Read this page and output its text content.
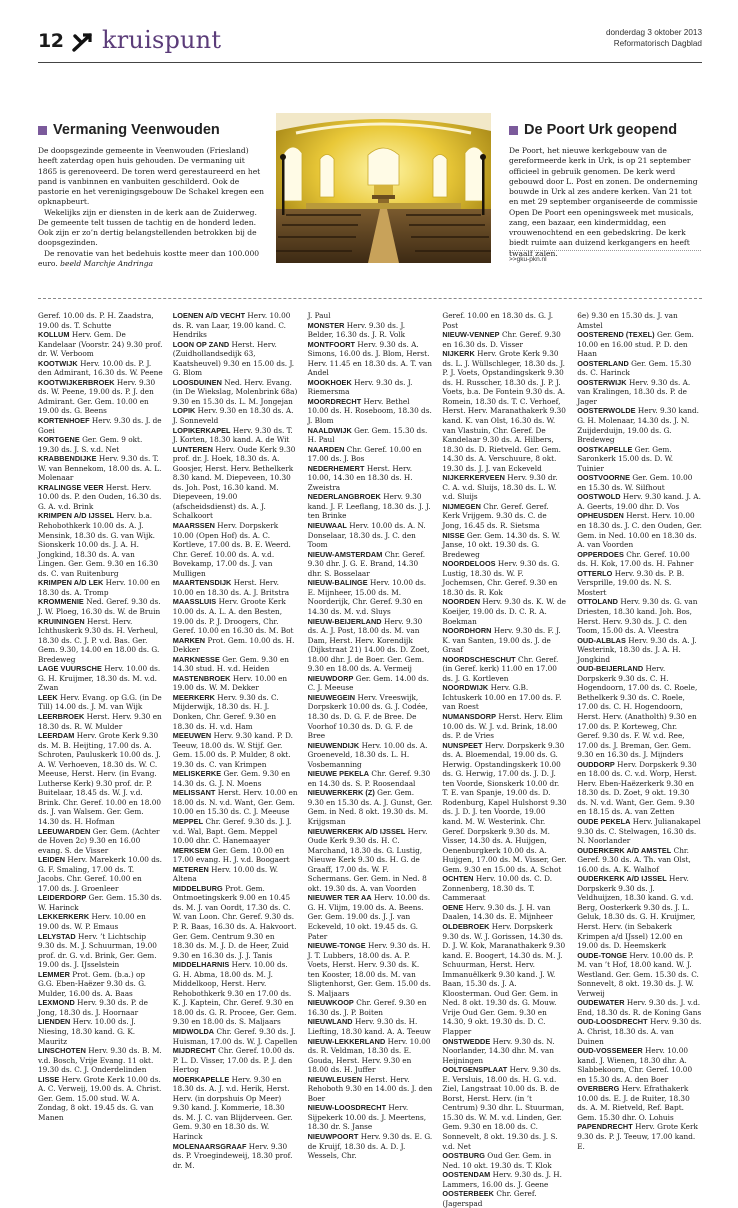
12 kruispunt	donderdag 3 oktober 2013
Reformatorisch Dagblad
Vermaning Veenwouden

De doopsgezinde gemeente in Veenwouden (Friesland) heeft zaterdag open huis gehouden. De vermaning uit 1865 is gerenoveerd. De toren werd gerestaureerd en het pand is vanbinnen en vanbuiten geschilderd. Ook de pastorie en het verenigingsgebouw De Schakel kregen een opknapbeurt.

Wekelijks zijn er diensten in de kerk aan de Zuiderweg. De gemeente telt tussen de tachtig en de honderd leden. Ook zijn er zo’n dertig belangstellenden betrokken bij de doopsgezinden.

De renovatie van het bedehuis kostte meer dan 100.000 euro. beeld Marchje Andringa

De Poort Urk geopend

De Poort, het nieuwe kerkgebouw van de gereformeerde kerk in Urk, is op 21 september officieel in gebruik genomen. De kerk werd gebouwd door L. Post en zonen. De onderneming bouwde in Urk al zes andere kerken. Van 21 tot en met 29 september organiseerde de commissie Open De Poort een openingsweek met musicals, zang, een bazaar, een kindermiddag, een vrouwenochtend en een gebedskring. De kerk biedt ruimte aan duizend kerkgangers en heeft twaalf zalen.

>>gku-pkn.nl
Geref. 10.00 ds. P. H. Zaadstra, 19.00 ds. T. Schutte
KOLLUM Herv. Gem. De Kandelaar (Voorstr. 24) 9.30 prof. dr. W. Verboom
KOOTWIJK Herv. 10.00 ds. P. J. den Admirant, 16.30 ds. W. Peene
KOOTWIJKERBROEK Herv. 9.30 ds. W. Peene, 19.00 ds. P. J. den Admirant. Ger. Gem. 10.00 en 19.00 ds. G. Beens
KORTENHOEF Herv. 9.30 ds. J. de Goei
KORTGENE Ger. Gem. 9 okt. 19.30 ds. J. S. v.d. Net
KRABBENDIJKE Herv. 9.30 ds. T. W. van Bennekom, 18.00 ds. A. L. Molenaar
KRALINGSE VEER Herst. Herv. 10.00 ds. P. den Ouden, 16.30 ds. G. A. v.d. Brink
KRIMPEN A/D IJSSEL Herv. b.a. Rehobothkerk 10.00 ds. A. J. Mensink, 18.30 ds. G. van Wijk. Sionskerk 10.00 ds. J. A. H. Jongkind, 18.30 ds. A. van Lingen. Ger. Gem. 9.30 en 16.30 ds. C. van Ruitenburg
KRIMPEN A/D LEK Herv. 10.00 en 18.30 ds. A. Tromp
KROMMENIE Ned. Geref. 9.30 ds. J. W. Ploeg, 16.30 ds. W. de Bruin
KRUININGEN Herst. Herv. Ichthuskerk 9.30 ds. H. Verheul, 18.30 ds. C. J. P. v.d. Bas. Ger. Gem. 9.30, 14.00 en 18.00 ds. G. Bredeweg
LAGE VUURSCHE Herv. 10.00 ds. G. H. Kruijmer, 18.30 ds. M. v.d. Zwan
LEEK Herv. Evang. op G.G. (in De Till) 14.00 ds. J. M. van Wijk
LEERBROEK Herst. Herv. 9.30 en 18.30 ds. R. W. Mulder
LEERDAM Herv. Grote Kerk 9.30 ds. M. B. Heijting, 17.00 ds. A. Schroten, Pauluskerk 10.00 ds. J. A. W. Verhoeven, 18.30 ds. W. C. Meeuse, Herst. Herv. (in Evang. Lutherse Kerk) 9.30 prof. dr. P. Buitelaar, 18.45 ds. W. J. v.d. Brink. Chr. Geref. 10.00 en 18.00 ds. J. van Walsem. Ger. Gem. 14.30 ds. H. Hofman
LEEUWARDEN Ger. Gem. (Achter de Hoven 2c) 9.30 en 16.00 evang. S. de Visser
LEIDEN Herv. Marekerk 10.00 ds. G. F. Smaling, 17.00 ds. T. Jacobs. Chr. Geref. 10.00 en 17.00 ds. J. Groenleer
LEIDERDORP Ger. Gem. 15.30 ds. W. Harinck
LEKKERKERK Herv. 10.00 en 19.00 ds. W. P. Emaus
LELYSTAD Herv. ’t Lichtschip 9.30 ds. M. J. Schuurman, 19.00 prof. dr. G. v.d. Brink, Ger. Gem. 19.00 ds. J. IJsselstein
LEMMER Prot. Gem. (b.a.) op G.G. Eben-Haëzer 9.30 ds. G. Mulder, 16.00 ds. A. Baas
LEXMOND Herv. 9.30 ds. P. de Jong, 18.30 ds. J. Hoornaar
LIENDEN Herv. 10.00 ds. J. Niesing, 18.30 kand. G. K. Mauritz
LINSCHOTEN Herv. 9.30 ds. B. M. v.d. Bosch, Vrije Evang. 11 okt. 19.30 ds. C. J. Onderdelinden
LISSE Herv. Grote Kerk 10.00 ds. A. C. Verweij, 19.00 ds. A. Christ. Ger. Gem. 15.00 stud. W. A. Zondag, 8 okt. 19.45 ds. G. van Manen
LOENEN A/D VECHT Herv. 10.00 ds. R. van Laar, 19.00 kand. C. Hendriks
LOON OP ZAND Herst. Herv. (Zuidhollandsedijk 63, Kaatsheuvel) 9.30 en 15.00 ds. J. G. Blom
LOOSDUINEN Ned. Herv. Evang. (in De Wiekslag, Molenbrink 68a) 9.30 en 15.30 ds. L. M. Jongejan
LOPIK Herv. 9.30 en 18.30 ds. A. J. Sonneveld
LOPIKERKAPEL Herv. 9.30 ds. T. J. Korten, 18.30 kand. A. de Wit
LUNTEREN Herv. Oude Kerk 9.30 prof. dr. J. Hoek, 18.30 ds. A. Goosjer, Herst. Herv. Bethelkerk 8.30 kand. M. Diepeveen, 10.30 ds. Joh. Post, 16.30 kand. M. Diepeveen, 19.00 (afscheidsdienst) ds. A. J. Schalkoort
MAARSSEN Herv. Dorpskerk 10.00 (Open Hof) ds. A. C. Kortleve, 17.00 ds. B. E. Weerd. Chr. Geref. 10.00 ds. A. v.d. Bovekamp, 17.00 ds. J. van Mulligen
MAARTENSDIJK Herst. Herv. 10.00 en 18.30 ds. A. J. Britstra
MAASSLUIS Herv. Groote Kerk 10.00 ds. A. L. A. den Besten, 19.00 ds. P. J. Droogers, Chr. Geref. 10.00 en 16.30 ds. M. Bot
MARKEN Prot. Gem. 10.00 ds. H. Dekker
MARKNESSE Ger. Gem. 9.30 en 14.30 stud. H. v.d. Heiden
MASTENBROEK Herv. 10.00 en 19.00 ds. W. M. Dekker
MEERKERK Herv. 9.30 ds. C. Mijderwijk, 18.30 ds. H. J. Donken, Chr. Geref. 9.30 en 18.30 ds. H. v.d. Ham
MEEUWEN Herv. 9.30 kand. P. D. Teeuw, 18.00 ds. W. Stijf. Ger. Gem. 15.00 ds. P. Mulder, 8 okt. 19.30 ds. C. van Krimpen
MELISKERKE Ger. Gem. 9.30 en 14.30 ds. G. J. N. Moens
MELISSANT Herst. Herv. 10.00 en 18.00 ds. N. v.d. Want, Ger. Gem. 10.00 en 15.30 ds. C. J. Meeuse
MEPPEL Chr. Geref. 9.30 ds. J. J. v.d. Wal, Bapt. Gem. Meppel 10.00 dhr. C. Hanemaayer
MERKSEM Ger. Gem. 10.00 en 17.00 evang. H. J. v.d. Boogaert
METEREN Herv. 10.00 ds. W. Altena
MIDDELBURG Prot. Gem. Ontmoetingskerk 9.00 en 10.45 ds. M. J. van Oordt, 17.30 ds. C. W. van Loon. Chr. Geref. 9.30 ds. P. R. Baas, 16.30 ds. A. Hakvoort. Ger. Gem. Centrum 9.30 en 18.30 ds. M. J. D. de Heer, Zuid 9.30 en 16.30 ds. J. J. Tanis
MIDDELHARNIS Herv. 10.00 ds. G. H. Abma, 18.00 ds. M. J. Middelkoop, Herst. Herv. Rehobothkerk 9.30 en 17.00 ds. K. J. Kaptein, Chr. Geref. 9.30 en 18.00 ds. G. R. Procee, Ger. Gem. 9.30 en 18.00 ds. S. Maljaars
MIDWOLDA Chr. Geref. 9.30 ds. J. Huisman, 17.00 ds. W. J. Capellen
MIJDRECHT Chr. Geref. 10.00 ds. P. L. D. Visser, 17.00 ds. P. J. den Hertog
MOERKAPELLE Herv. 9.30 en 18.30 ds. A. J. v.d. Herik, Herst. Herv. (in dorpshuis Op Meer) 9.30 kand. J. Kommerie, 18.30 ds. M. J. C. van Blijderveen. Ger. Gem. 9.30 en 18.30 ds. W. Harinck
MOLENAARSGRAAF Herv. 9.30 ds. P. Vroegindeweij, 18.30 prof. dr. M.
J. Paul
MONSTER Herv. 9.30 ds. J. Belder, 16.30 ds. J. R. Volk
MONTFOORT Herv. 9.30 ds. A. Simons, 16.00 ds. J. Blom, Herst. Herv. 11.45 en 18.30 ds. A. T. van Andel
MOOKHOEK Herv. 9.30 ds. J. Riemersma
MOORDRECHT Herv. Bethel 10.00 ds. H. Roseboom, 18.30 ds. J. Blom
NAALDWIJK Ger. Gem. 15.30 ds. H. Paul
NAARDEN Chr. Geref. 10.00 en 17.00 ds. J. Bos
NEDERHEMERT Herst. Herv. 10.00, 14.30 en 18.30 ds. H. Zweistra
NEDERLANGBROEK Herv. 9.30 kand. J. F. Leeflang, 18.30 ds. J. J. ten Brinke
NIEUWAAL Herv. 10.00 ds. A. N. Donselaar, 18.30 ds. J. C. den Toom
NIEUW-AMSTERDAM Chr. Geref. 9.30 dhr. J. G. E. Brand, 14.30 dhr. S. Bosselaar
NIEUW-BALINGE Herv. 10.00 ds. E. Mijnheer, 15.00 ds. M. Noorderijk, Chr. Geref. 9.30 en 14.30 ds. M. v.d. Sluys
NIEUW-BEIJERLAND Herv. 9.30 ds. A. J. Post, 18.00 ds. M. van Dam, Herst. Herv. Korendijk (Dijkstraat 21) 14.00 ds. D. Zoet, 18.00 dhr. J. de Boer. Ger. Gem. 9.30 en 18.00 ds. A. Vermeij
NIEUWDORP Ger. Gem. 14.00 ds. C. J. Meeuse
NIEUWEGEIN Herv. Vreeswijk, Dorpskerk 10.00 ds. G. J. Codée, 18.30 ds. D. G. F. de Bree. De Voorhof 10.30 ds. D. G. F. de Bree
NIEUWENDIJK Herv. 10.00 ds. A. Groeneveld, 18.30 ds. L. H. Vosbemanning
NIEUWE PEKELA Chr. Geref. 9.30 en 14.30 ds. S. P. Roosendaal
NIEUWERKERK (Z) Ger. Gem. 9.30 en 15.30 ds. A. J. Gunst, Ger. Gem. in Ned. 8 okt. 19.30 ds. M. Krijgsman
NIEUWERKERK A/D IJSSEL Herv. Oude Kerk 9.30 ds. H. C. Marchand, 18.30 ds. G. Lustig, Nieuwe Kerk 9.30 ds. H. G. de Graaff, 17.00 ds. W. F. Schermans. Ger. Gem. in Ned. 8 okt. 19.30 ds. A. van Voorden
NIEUWER TER AA Herv. 10.00 ds. G. H. Vlijm, 19.00 ds. A. Beens. Ger. Gem. 19.00 ds. J. J. van Eckeveld, 10 okt. 19.45 ds. G. Pater
NIEUWE-TONGE Herv. 9.30 ds. H. J. T. Lubbers, 18.00 ds. A. P. Voets, Herst. Herv. 9.30 ds. K. ten Kooster, 18.00 ds. M. van Sligtenhorst, Ger. Gem. 15.00 ds. S. Maljaars
NIEUWKOOP Chr. Geref. 9.30 en 16.30 ds. J. P. Boiten
NIEUWLAND Herv. 9.30 ds. H. Liefting, 18.30 kand. A. A. Teeuw
NIEUW-LEKKERLAND Herv. 10.00 ds. R. Veldman, 18.30 ds. E. Gouda, Herst. Herv. 9.30 en 18.00 ds. H. Juffer
NIEUWLEUSEN Herst. Herv. Rehoboth 9.30 en 14.00 ds. J. den Boer
NIEUW-LOOSDRECHT Herv. Sijpekerk 10.00 ds. J. Meertens, 18.30 dr. S. Janse
NIEUWPOORT Herv. 9.30 ds. E. G. de Kruijf, 18.30 ds. A. D. J. Wessels, Chr.
Geref. 10.00 en 18.30 ds. G. J. Post
NIEUW-VENNEP Chr. Geref. 9.30 en 16.30 ds. D. Visser
NIJKERK Herv. Grote Kerk 9.30 ds. L. J. Wüllschleger, 18.30 ds. J. P. J. Voets, Opstandingskerk 9.30 ds. H. Russcher, 18.30 ds. J. P. J. Voets, b.a. De Fontein 9.30 ds. A. Romein, 18.30 ds. T. C. Verhoef, Herst. Herv. Maranathakerk 9.30 kand. K. van Olst, 16.30 ds. W. van Vlastuin, Chr. Geref. De Kandelaar 9.30 ds. A. Hilbers, 18.30 ds. D. Rietveld. Ger. Gem. 14.30 ds. A. Verschuure, 8 okt. 19.30 ds. J. J. van Eckeveld
NIJKERKERVEEN Herv. 9.30 dr. C. A. v.d. Sluijs, 18.30 ds. L. W. v.d. Sluijs
NIJMEGEN Chr. Geref. Geref. Kerk Vrijgem. 9.30 ds. C. de Jong, 16.45 ds. R. Sietsma
NISSE Ger. Gem. 14.30 ds. S. W. Janse, 10 okt. 19.30 ds. G. Bredeweg
NOORDELOOS Herv. 9.30 ds. G. Lustig, 18.30 ds. W. F. Jochemsen, Chr. Geref. 9.30 en 18.30 ds. R. Kok
NOORDEN Herv. 9.30 ds. K. W. de Koeijer, 19.00 ds. D. C. R. A. Boekman
NOORDHORN Herv. 9.30 ds. F. J. K. van Santen, 19.00 ds. J. de Graaf
NOORDSCHESCHUT Chr. Geref. (in Geref. kerk) 11.00 en 17.00 ds. J. G. Kortleven
NOORDWIJK Herv. G.B. Ichtuskerk 10.00 en 17.00 ds. F. van Roest
NUMANSDORP Herst. Herv. Elim 10.00 ds. W. J. v.d. Brink, 18.00 ds. P. de Vries
NUNSPEET Herv. Dorpskerk 9.30 ds. A. Bloemendal, 19.00 ds. G. Herwig. Opstandingskerk 10.00 ds. G. Herwig, 17.00 ds. J. D. J. ten Voorde, Sionskerk 10.00 dr. T. E. van Spanje, 19.00 ds. D. Rodenburg, Kapel Hulshorst 9.30 ds. J. D. J. ten Voorde, 19.00 kand. M. W. Westerink. Chr. Geref. Dorpskerk 9.30 ds. M. Visser, 14.30 ds. A. Huijgen, Oenenburgkerk 10.00 ds. A. Huijgen, 17.00 ds. M. Visser, Ger. Gem. 9.30 en 15.00 ds. A. Schot
OCHTEN Herv. 10.00 ds. C. D. Zonnenberg, 18.30 ds. T. Cammeraat
OENE Herv. 9.30 ds. J. H. van Daalen, 14.30 ds. E. Mijnheer
OLDEBROEK Herv. Dorpskerk 9.30 ds. W. J. Gorissen, 14.30 ds. D. J. W. Kok, Maranathakerk 9.30 kand. E. Boogert, 14.30 ds. M. J. Schuurman, Herst. Herv. Immanuëlkerk 9.30 kand. J. W. Baan, 15.30 ds. J. A. Kloosterman. Oud Ger. Gem. in Ned. 8 okt. 19.30 ds. G. Mouw. Vrije Oud Ger. Gem. 9.30 en 14.30, 9 okt. 19.30 ds. D. C. Flapper
ONSTWEDDE Herv. 9.30 ds. N. Noorlander, 14.30 dhr. M. van Heijningen
OOLTGENSPLAAT Herv. 9.30 ds. E. Versluis, 18.00 ds. H. G. v.d. Ziel, Langstraat 10.00 ds. B. de Borst, Herst. Herv. (in ’t Centrum) 9.30 dhr. L. Stuurman, 15.30 ds. W. M. v.d. Linden, Ger. Gem. 9.30 en 18.00 ds. C. Sonnevelt, 8 okt. 19.30 ds. J. S. v.d. Net
OOSTBURG Oud Ger. Gem. in Ned. 10 okt. 19.30 ds. T. Klok
OOSTENDAM Herv. 9.30 ds. J. H. Lammers, 16.00 ds. J. Geene
OOSTERBEEK Chr. Geref. (Jagerspad
6e) 9.30 en 15.30 ds. J. van Amstel
OOSTEREND (TEXEL) Ger. Gem. 10.00 en 16.00 stud. P. D. den Haan
OOSTERLAND Ger. Gem. 15.30 ds. C. Harinck
OOSTERWIJK Herv. 9.30 ds. A. van Kralingen, 18.30 ds. P. de Jager
OOSTERWOLDE Herv. 9.30 kand. G. H. Molenaar, 14.30 ds. J. N. Zuijderduijn, 19.00 ds. G. Bredeweg
OOSTKAPELLE Ger. Gem. Saronkerk 15.00 ds. D. W. Tuinier
OOSTVOORNE Ger. Gem. 10.00 en 15.30 ds. W. Silfhout
OOSTWOLD Herv. 9.30 kand. J. A. A. Geerts, 19.00 dhr. D. Vos
OPHEUSDEN Herst. Herv. 10.00 en 18.30 ds. J. C. den Ouden, Ger. Gem. in Ned. 10.00 en 18.30 ds. A. van Voorden
OPPERDOES Chr. Geref. 10.00 ds. H. Kok, 17.00 ds. H. Fahner
OTTERLO Herv. 9.30 ds. P. B. Versprille, 19.00 ds. N. S. Mostert
OTTOLAND Herv. 9.30 ds. G. van Driesten, 18.30 kand. Joh. Bos, Herst. Herv. 9.30 ds. J. C. den Toom, 15.00 ds. A. Vleestra
OUD-ALBLAS Herv. 9.30 ds. A. J. Westerink, 18.30 ds. J. A. H. Jongkind
OUD-BEIJERLAND Herv. Dorpskerk 9.30 ds. C. H. Hogendoorn, 17.00 ds. C. Roele, Bethelkerk 9.30 ds. C. Roele, 17.00 ds. C. H. Hogendoorn, Herst. Herv. (Anatholth) 9.30 en 17.00 ds. P. Korteweg, Chr. Geref. 9.30 ds. F. W. v.d. Ree, 17.00 ds. J. Breman, Ger. Gem. 9.30 en 16.30 ds. J. Mijnders
OUDDORP Herv. Dorpskerk 9.30 en 18.00 ds. C. v.d. Worp, Herst. Herv. Eben-Haëzerkerk 9.30 en 18.30 ds. D. Zoet, 9 okt. 19.30 ds. N. v.d. Want, Ger. Gem. 9.30 en 18.15 ds. A. van Zetten
OUDE PEKELA Herv. Julianakapel 9.30 ds. C. Stelwagen, 16.30 ds. N. Noorlander
OUDERKERK A/D AMSTEL Chr. Geref. 9.30 ds. A. Th. van Olst, 16.00 ds. A. K. Walhof
OUDERKERK A/D IJSSEL Herv. Dorpskerk 9.30 ds. J. Veldhuijzen, 18.30 kand. G. v.d. Berg, Oosterkerk 9.30 ds. J. L. Geluk, 18.30 ds. G. H. Kruijmer, Herst. Herv. (in Sebakerk Krimpen a/d IJssel) 12.00 en 19.00 ds. D. Heemskerk
OUDE-TONGE Herv. 10.00 ds. P. M. van ’t Hof, 18.00 kand. W. J. Westland. Ger. Gem. 15.30 ds. C. Sonnevelt, 8 okt. 19.30 ds. J. W. Verweij
OUDEWATER Herv. 9.30 ds. J. v.d. End, 18.30 ds. R. de Koning Gans
OUD-LOOSDRECHT Herv. 9.30 ds. A. Christ, 18.30 ds. A. van Duinen
OUD-VOSSEMEER Herv. 10.00 kand. J. Wienen, 18.30 dhr. A. Slabbekoorn, Chr. Geref. 10.00 en 15.30 ds. A. den Boer
OVERBERG Herv. Efrathakerk 10.00 ds. E. J. de Ruiter, 18.30 ds. A. M. Rietveld, Ref. Bapt. Gem. 15.30 dhr. O. Lohuis
PAPENDRECHT Herv. Grote Kerk 9.30 ds. P. J. Teeuw, 17.00 kand. E.
